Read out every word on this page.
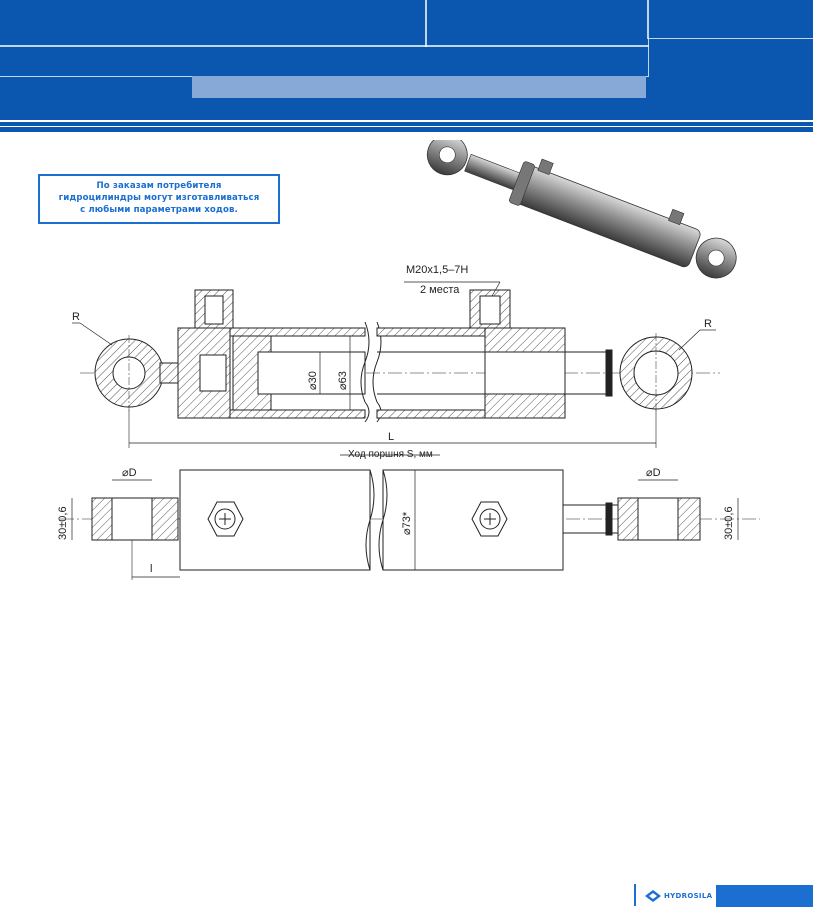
По заказам потребителя
гидроцилиндры могут изготавливаться
с любыми параметрами ходов.
R
R
M20x1,5–7H
2 места
⌀30 ⌀63
L
Ход поршня S, мм
⌀D	⌀D
30±0,6	30±0,6
⌀73*
l
HYDROSILA
